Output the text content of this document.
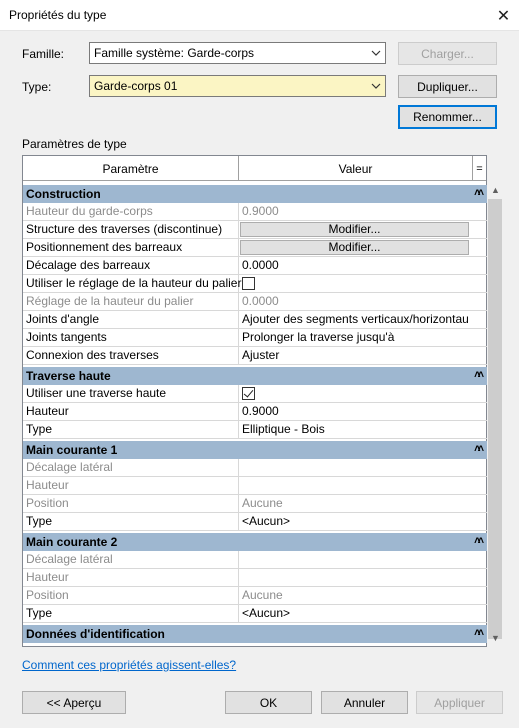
Propriétés du type	✕
Famille: Famille système: Garde-corps	Charger...
Type:	Garde-corps 01	Dupliquer...
Renommer...
Paramètres de type
Paramètre	Valeur	=
Construction	˄˄
Hauteur du garde-corps	0.9000
Structure des traverses (discontinue)	Modifier...
Positionnement des barreaux	Modifier...
Décalage des barreaux	0.0000
Utiliser le réglage de la hauteur du palier
Réglage de la hauteur du palier	0.0000
Joints d'angle	Ajouter des segments verticaux/horizontau
Joints tangents	Prolonger la traverse jusqu'à
Connexion des traverses	Ajuster
Traverse haute	˄˄
Utiliser une traverse haute
Hauteur	0.9000
Type	Elliptique - Bois
Main courante 1	˄˄
Décalage latéral
Hauteur
Position	Aucune
Type	<Aucun>
Main courante 2	˄˄
Décalage latéral
Hauteur
Position	Aucune
Type	<Aucun>
Données d'identification	˄˄
▲
▼
Comment ces propriétés agissent-elles?
<< Aperçu	OK	Annuler	Appliquer
